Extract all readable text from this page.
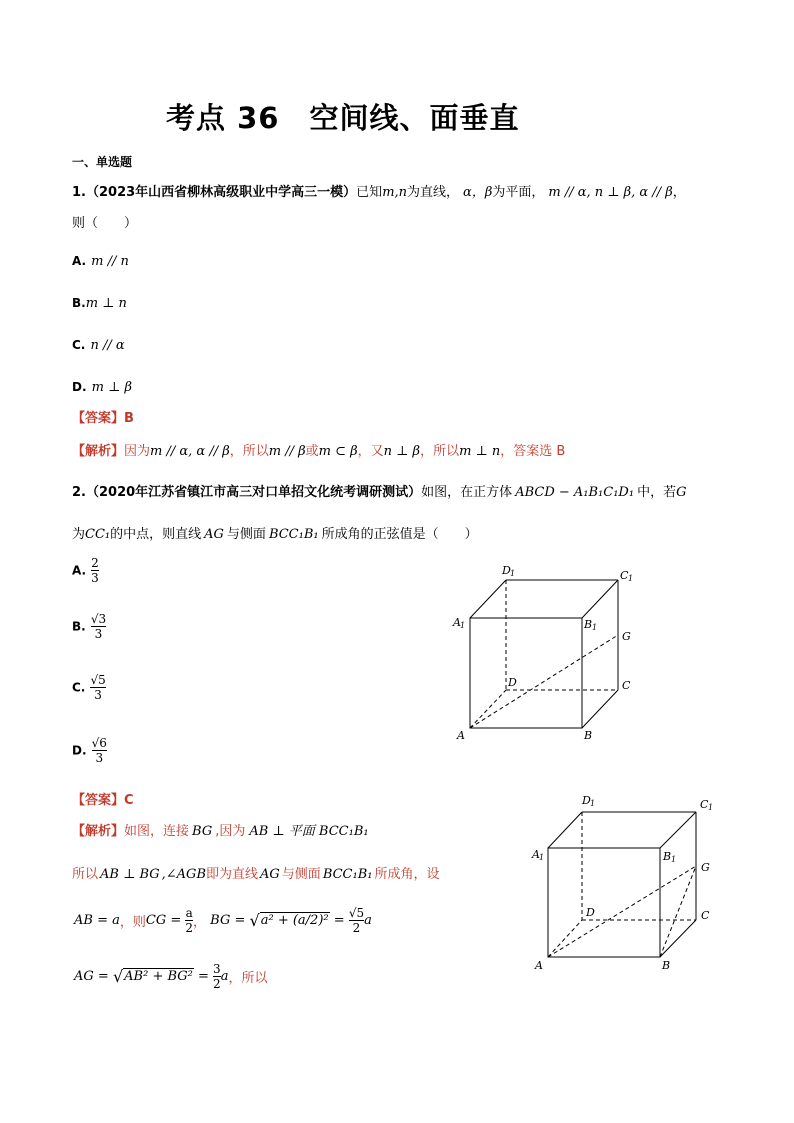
考点 36　空间线、面垂直
一、单选题
1.（2023年山西省柳林高级职业中学高三一模）已知m,n为直线， α，β为平面， m // α, n ⊥ β, α // β，
则（　　）
A. m // n
B.m ⊥ n
C. n // α
D. m ⊥ β
【答案】B
【解析】因为m // α, α // β，所以m // β或m ⊂ β，又n ⊥ β，所以m ⊥ n，答案选 B
2.（2020年江苏省镇江市高三对口单招文化统考调研测试）如图，在正方体 ABCD − A₁B₁C₁D₁ 中，若G
为CC₁的中点，则直线 AG 与侧面 BCC₁B₁ 所成角的正弦值是（　　）
A. $\frac{2}{3}$
B. $\frac{√3}{3}$
C. $\frac{√5}{3}$
D. $\frac{√6}{3}$
【答案】C
【解析】如图，连接 BG ,因为 AB ⊥ 平面 BCC₁B₁
所以 AB ⊥ BG ,∠AGB即为直线 AG 与侧面 BCC₁B₁ 所成角，设
AB = a，则CG = $\frac{a}{2}$ ， BG = $√a^2 + (a/2)^2 = \frac{√5}{2}$ a
AG = $√AB^2 + BG^2 = \frac{3}{2}$ a，所以
D 1	C 1
A 1	B 1
G
D	C
A	B
D 1	C 1
A 1	B 1
G
D	C
A	B
